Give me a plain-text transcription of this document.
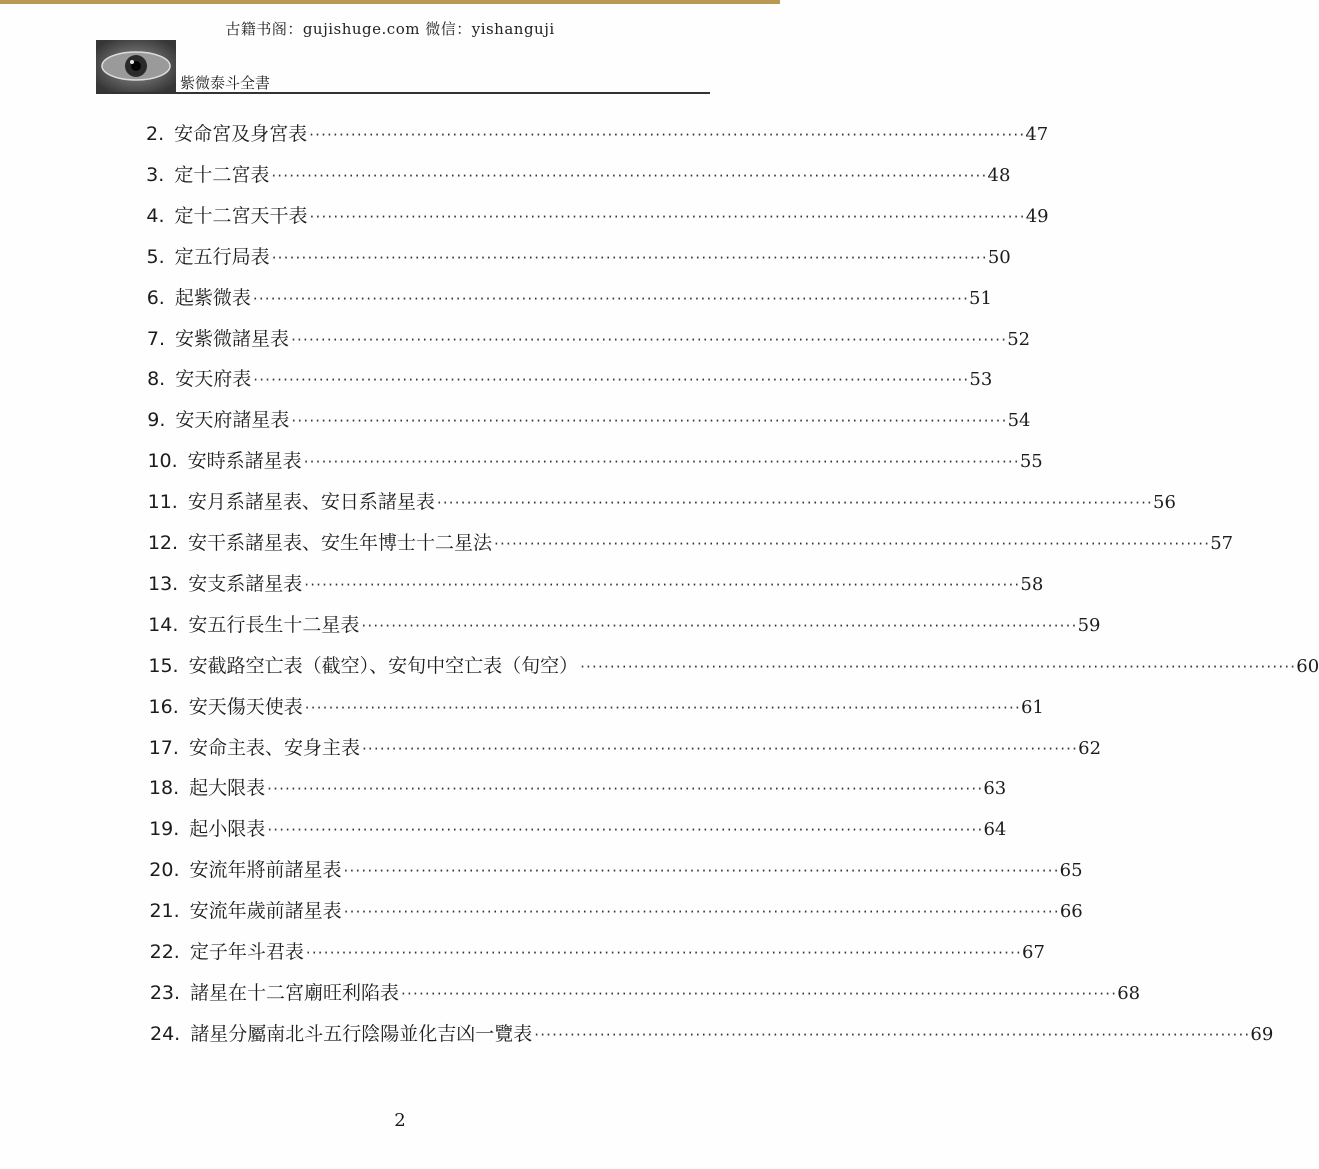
古籍书阁：gujishuge.com 微信：yishanguji
紫微泰斗全書
2. 安命宮及身宮表 ························································································································ 47
3. 定十二宮表 ························································································································ 48
4. 定十二宮天干表 ························································································································ 49
5. 定五行局表 ························································································································ 50
6. 起紫微表 ························································································································ 51
7. 安紫微諸星表 ························································································································ 52
8. 安天府表 ························································································································ 53
9. 安天府諸星表 ························································································································ 54
10. 安時系諸星表 ························································································································ 55
11. 安月系諸星表、安日系諸星表 ························································································································ 56
12. 安干系諸星表、安生年博士十二星法 ························································································································ 57
13. 安支系諸星表 ························································································································ 58
14. 安五行長生十二星表 ························································································································ 59
15. 安截路空亡表（截空）、安旬中空亡表（旬空） ························································································································ 60
16. 安天傷天使表 ························································································································ 61
17. 安命主表、安身主表 ························································································································ 62
18. 起大限表 ························································································································ 63
19. 起小限表 ························································································································ 64
20. 安流年將前諸星表 ························································································································ 65
21. 安流年歲前諸星表 ························································································································ 66
22. 定子年斗君表 ························································································································ 67
23. 諸星在十二宮廟旺利陷表 ························································································································ 68
24. 諸星分屬南北斗五行陰陽並化吉凶一覽表 ························································································································ 69
2
